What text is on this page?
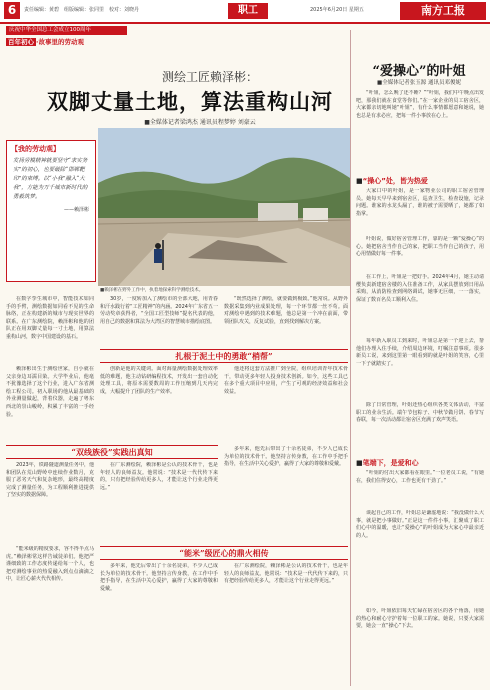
6	责任编辑：黄碧　组版编辑：张同里　校对：刘晓丹	职工	2025年6月20日 星期五	南方工报
庆祝中华全国总工会成立100周年
百年初心 ·故事里的劳动观
测绘工匠赖泽彬：
双脚丈量土地，算法重构山河
■全媒体记者梁鸿杰 通讯员程梦婷 刘豪云
【我的劳动观】
发扬劳模精神就要坚守“求实务实”的初心，也要破除“邯郸靶印”的束缚。以“小我”融入“大我”，方能为万千城市新时代的勇毅筑梦。
——赖泽彬
■赖泽彬在野外工作中，执着地探索科学测绘技术。
在数字孪生城市中，智能技术如同手的手臂，测绘数据如同看不见的生命脉络，正在构建新的城市与现实世界的联系。在广东测绘院，赖泽彬和他的团队正在用双脚丈量每一寸土地，用算法重构山河，数字中国建设的基石。
30岁，一度转加入了测绘市的全部大地，用青春和汗水践行着“工匠精神”的内涵。2024年广东省五一劳动奖章获得者，“全国工匠型技师”提名代表的他，用自己的数据和算法为大湾区的智慧城市描绘底图。
“既然选择了测绘，就要做到极致。”他常说。从野外数据采集到内业成果处理，每一个环节都一丝不苟。面对测绘中遇到的技术难题，他总是第一个冲在前面，带领团队攻关，反复试验，直到找到解决方案。
扎根于泥土中的勇敢“梢帮”
赖泽彬出生于测绘世家，自小就在父亲身边耳濡目染。大学毕业后，他毫不犹豫选择了这个行业，进入广东省测绘工程公司。初入职场的他从最基础的外业测量做起，背着仪器，走遍了粤东西北的崇山峻岭，积累了丰富的一手经验。
创新是他的关键词。面对海量测绘数据处理效率低的难题，他主动钻研编程技术，开发出一套自动化处理工具，将原本需要数周的工作压缩到几天内完成，大幅提升了团队的生产效率。
他还将这套方法推广到全院，组织培训青年技术骨干，带动更多年轻人投身技术创新。如今，这些工具已在多个重大项目中应用，产生了可观的经济效益和社会效益。
“双线族役”实践出真知
2023年，铁路隧道测量任务中，他和团队在荒山野岭中连续作业数月，克服了恶劣天气和复杂地形，最终高精度完成了测量任务，为工程顺利推进提供了坚实的数据保障。
在广东测绘院，赖泽彬是公认的技术骨干，也是年轻人的良师益友。他常说：“技术是一代代传下来的，只有把经验传给更多人，才能让这个行业走得更远。”
多年来，他先后带出了十余名徒弟，不少人已成长为单位的技术骨干。他坚持言传身教，在工作中手把手指导，在生活中关心爱护，赢得了大家的尊敬和爱戴。
“能米”级匠心的鼎火相传
“能米级的精度要求，容不得半点马虎。”赖泽彬常这样告诫徒弟们。他把严谨细致的工作态度传递给每一个人，也把对测绘事业的热爱融入到点点滴滴之中，让匠心薪火代代相传。
多年来，他先后带出了十余名徒弟，不少人已成长为单位的技术骨干。他坚持言传身教，在工作中手把手指导，在生活中关心爱护，赢得了大家的尊敬和爱戴。
在广东测绘院，赖泽彬是公认的技术骨干，也是年轻人的良师益友。他常说：“技术是一代代传下来的，只有把经验传给更多人，才能让这个行业走得更远。”
“爱操心”的叶姐
■全媒体记者张玉源 通讯员邓俊妮
“叶姐，怎么晚了还不睡？”“叶姐，我们中午晚点出发吧，那我们就在食堂等你们。”在一家企业的员工宿舍区，大家都亲切地叫她“叶姐”，有什么事情都愿意和她说，她也总是有求必应，把每一件小事放在心上。
■“操心”处，皆为热爱
大家口中的叶姐，是一家物业公司的职工宿舍管理员。她每天早早来到宿舍区，巡查卫生，检查设施，记录问题。谁家的水龙头漏了，谁的被子需要晒了，她都了如指掌。
叶姐说，做好宿舍管理工作，靠的是一颗“爱操心”的心。她把宿舍当作自己的家，把职工当作自己的孩子，用心用情做好每一件事。
在工作上，叶姐是一把好手。2024年4月，她主动请缨负责新建宿舍楼的入住准备工作，从家具摆放到日用品采购，从消防检查到网络调试，她事无巨细，一一落实，保证了数百名员工顺利入住。
每年新入职员工到来时，叶姐总是第一个迎上去，帮他们办理入住手续，介绍周边环境，叮嘱注意事项。很多新员工说，来到这里第一眼看到的就是叶姐的笑容，心里一下子就踏实了。
除了日常管理，叶姐还热心组织各类文体活动，丰富职工的业余生活。端午节包粽子、中秋节做月饼、春节写春联，每一次活动都让宿舍区充满了欢声笑语。
■笔端下，是爱和心
“叶姐的付出大家都看在眼里。”一位老员工说，“有她在，我们住得安心，工作也更有干劲了。”
谈起自己的工作，叶姐总是谦虚地说：“我没做什么大事，就是把小事做好。”正是这一件件小事，汇聚成了职工们心中的温暖，也让“爱操心”的叶姐成为大家心中最亲近的人。
如今，叶姐依旧每天忙碌在宿舍区的各个角落，用她的热心和耐心守护着每一位职工的家。她说，只要大家需要，她会一直“操心”下去。
